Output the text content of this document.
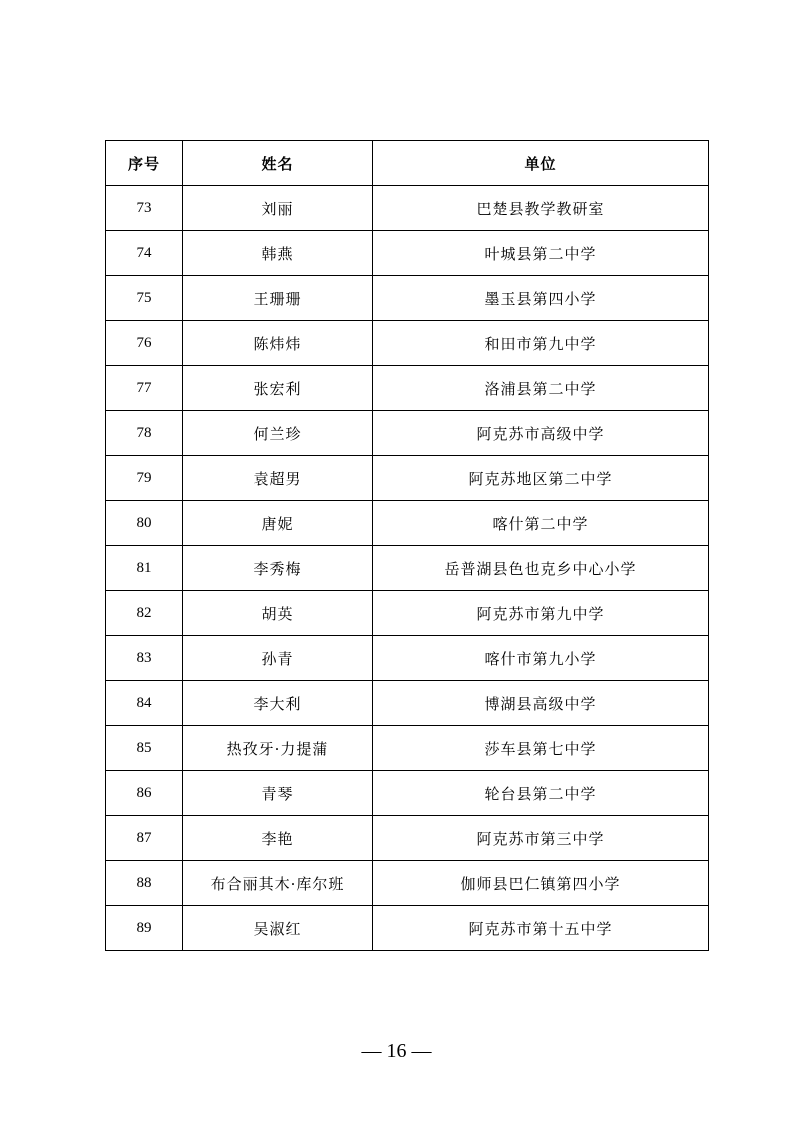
序号	姓名	单位
73	刘丽	巴楚县教学教研室
74	韩燕	叶城县第二中学
75	王珊珊	墨玉县第四小学
76	陈炜炜	和田市第九中学
77	张宏利	洛浦县第二中学
78	何兰珍	阿克苏市高级中学
79	袁超男	阿克苏地区第二中学
80	唐妮	喀什第二中学
81	李秀梅	岳普湖县色也克乡中心小学
82	胡英	阿克苏市第九中学
83	孙青	喀什市第九小学
84	李大利	博湖县高级中学
85	热孜牙·力提蒲	莎车县第七中学
86	青琴	轮台县第二中学
87	李艳	阿克苏市第三中学
88	布合丽其木·库尔班	伽师县巴仁镇第四小学
89	吴淑红	阿克苏市第十五中学
— 16 —
